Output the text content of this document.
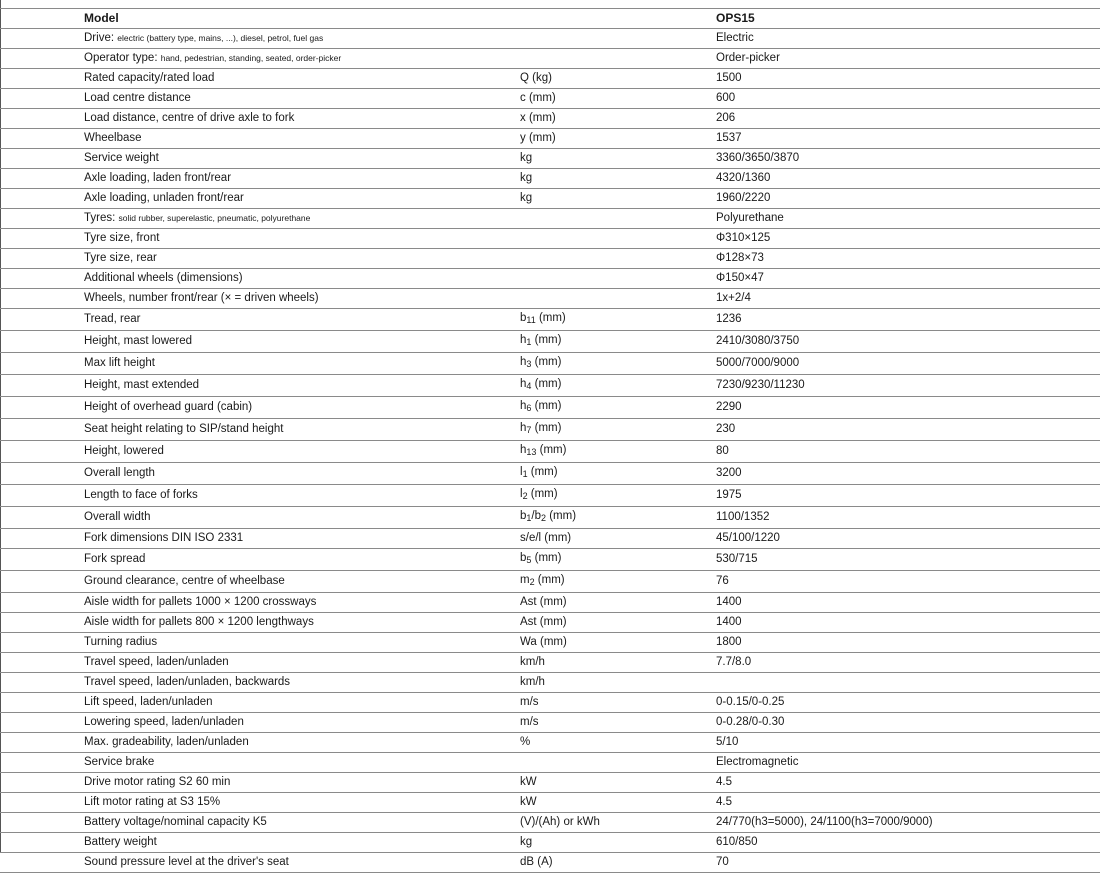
Model		OPS15
Drive: electric (battery type, mains, ...), diesel, petrol, fuel gas		Electric
Operator type: hand, pedestrian, standing, seated, order-picker		Order-picker
Rated capacity/rated load	Q (kg)	1500
Load centre distance	c (mm)	600
Load distance, centre of drive axle to fork	x (mm)	206
Wheelbase	y (mm)	1537
Service weight	kg	3360/3650/3870
Axle loading, laden front/rear	kg	4320/1360
Axle loading, unladen front/rear	kg	1960/2220
Tyres: solid rubber, superelastic, pneumatic, polyurethane		Polyurethane
Tyre size, front		Φ310×125
Tyre size, rear		Φ128×73
Additional wheels (dimensions)		Φ150×47
Wheels, number front/rear (× = driven wheels)		1x+2/4
Tread, rear	b11 (mm)	1236
Height, mast lowered	h1 (mm)	2410/3080/3750
Max lift height	h3 (mm)	5000/7000/9000
Height, mast extended	h4 (mm)	7230/9230/11230
Height of overhead guard (cabin)	h6 (mm)	2290
Seat height relating to SIP/stand height	h7 (mm)	230
Height, lowered	h13 (mm)	80
Overall length	l1 (mm)	3200
Length to face of forks	l2 (mm)	1975
Overall width	b1/b2 (mm)	1100/1352
Fork dimensions DIN ISO 2331	s/e/l (mm)	45/100/1220
Fork spread	b5 (mm)	530/715
Ground clearance, centre of wheelbase	m2 (mm)	76
Aisle width for pallets 1000 × 1200 crossways	Ast (mm)	1400
Aisle width for pallets 800 × 1200 lengthways	Ast (mm)	1400
Turning radius	Wa (mm)	1800
Travel speed, laden/unladen	km/h	7.7/8.0
Travel speed, laden/unladen, backwards	km/h	
Lift speed, laden/unladen	m/s	0-0.15/0-0.25
Lowering speed, laden/unladen	m/s	0-0.28/0-0.30
Max. gradeability, laden/unladen	%	5/10
Service brake		Electromagnetic
Drive motor rating S2 60 min	kW	4.5
Lift motor rating at S3 15%	kW	4.5
Battery voltage/nominal capacity K5	(V)/(Ah) or kWh	24/770(h3=5000), 24/1100(h3=7000/9000)
Battery weight	kg	610/850
Sound pressure level at the driver's seat	dB (A)	70
